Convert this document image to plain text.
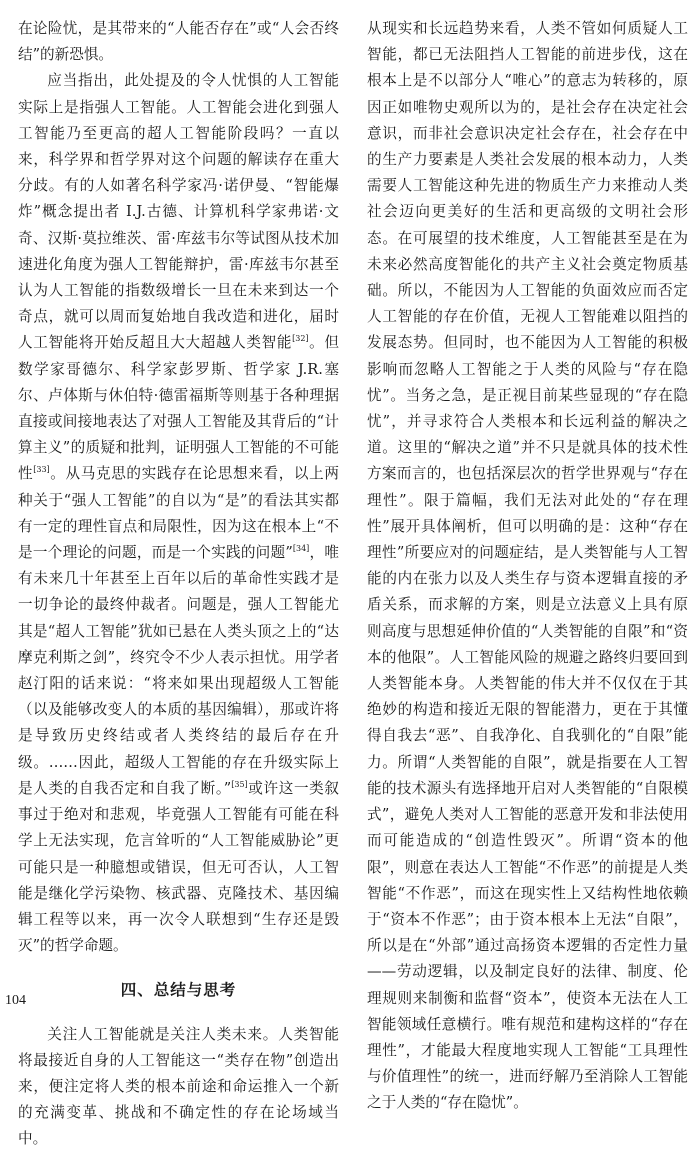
在论险忧，是其带来的“人能否存在”或“人会否终结”的新恐惧。

应当指出，此处提及的令人忧惧的人工智能实际上是指强人工智能。人工智能会进化到强人工智能乃至更高的超人工智能阶段吗？一直以来，科学界和哲学界对这个问题的解读存在重大分歧。有的人如著名科学家冯·诺伊曼、“智能爆炸”概念提出者 I.J.古德、计算机科学家弗诺·文奇、汉斯·莫拉维茨、雷·库兹韦尔等试图从技术加速进化角度为强人工智能辩护，雷·库兹韦尔甚至认为人工智能的指数级增长一旦在未来到达一个奇点，就可以周而复始地自我改造和进化，届时人工智能将开始反超且大大超越人类智能[32]。但数学家哥德尔、科学家彭罗斯、哲学家 J.R.塞尔、卢体斯与休伯特·德雷福斯等则基于各种理据直接或间接地表达了对强人工智能及其背后的“计算主义”的质疑和批判，证明强人工智能的不可能性[33]。从马克思的实践存在论思想来看，以上两种关于“强人工智能”的自以为“是”的看法其实都有一定的理性盲点和局限性，因为这在根本上“不是一个理论的问题，而是一个实践的问题”[34]，唯有未来几十年甚至上百年以后的革命性实践才是一切争论的最终仲裁者。问题是，强人工智能尤其是“超人工智能”犹如已悬在人类头顶之上的“达摩克利斯之剑”，终究令不少人表示担忧。用学者赵汀阳的话来说：“将来如果出现超级人工智能（以及能够改变人的本质的基因编辑），那或许将是导致历史终结或者人类终结的最后存在升级。……因此，超级人工智能的存在升级实际上是人类的自我否定和自我了断。”[35]或许这一类叙事过于绝对和悲观，毕竟强人工智能有可能在科学上无法实现，危言耸听的“人工智能威胁论”更可能只是一种臆想或错误，但无可否认，人工智能是继化学污染物、核武器、克隆技术、基因编辑工程等以来，再一次令人联想到“生存还是毁灭”的哲学命题。

四、总结与思考

关注人工智能就是关注人类未来。人类智能将最接近自身的人工智能这一“类存在物”创造出来，便注定将人类的根本前途和命运推入一个新的充满变革、挑战和不确定性的存在论场域当中。

从现实和长远趋势来看，人类不管如何质疑人工智能，都已无法阻挡人工智能的前进步伐，这在根本上是不以部分人“唯心”的意志为转移的，原因正如唯物史观所以为的，是社会存在决定社会意识，而非社会意识决定社会存在，社会存在中的生产力要素是人类社会发展的根本动力，人类需要人工智能这种先进的物质生产力来推动人类社会迈向更美好的生活和更高级的文明社会形态。在可展望的技术维度，人工智能甚至是在为未来必然高度智能化的共产主义社会奠定物质基础。所以，不能因为人工智能的负面效应而否定人工智能的存在价值，无视人工智能难以阻挡的发展态势。但同时，也不能因为人工智能的积极影响而忽略人工智能之于人类的风险与“存在隐忧”。当务之急，是正视目前某些显现的“存在隐忧”，并寻求符合人类根本和长远利益的解决之道。这里的“解决之道”并不只是就具体的技术性方案而言的，也包括深层次的哲学世界观与“存在理性”。限于篇幅，我们无法对此处的“存在理性”展开具体阐析，但可以明确的是：这种“存在理性”所要应对的问题症结，是人类智能与人工智能的内在张力以及人类生存与资本逻辑直接的矛盾关系，而求解的方案，则是立法意义上具有原则高度与思想延伸价值的“人类智能的自限”和“资本的他限”。人工智能风险的规避之路终归要回到人类智能本身。人类智能的伟大并不仅仅在于其绝妙的构造和接近无限的智能潜力，更在于其懂得自我去“恶”、自我净化、自我驯化的“自限”能力。所谓“人类智能的自限”，就是指要在人工智能的技术源头有选择地开启对人类智能的“自限模式”，避免人类对人工智能的恶意开发和非法使用而可能造成的“创造性毁灭”。所谓“资本的他限”，则意在表达人工智能“不作恶”的前提是人类智能“不作恶”，而这在现实性上又结构性地依赖于“资本不作恶”；由于资本根本上无法“自限”，所以是在“外部”通过高扬资本逻辑的否定性力量——劳动逻辑，以及制定良好的法律、制度、伦理规则来制衡和监督“资本”，使资本无法在人工智能领域任意横行。唯有规范和建构这样的“存在理性”，才能最大程度地实现人工智能“工具理性与价值理性”的统一，进而纾解乃至消除人工智能之于人类的“存在隐忧”。

104
